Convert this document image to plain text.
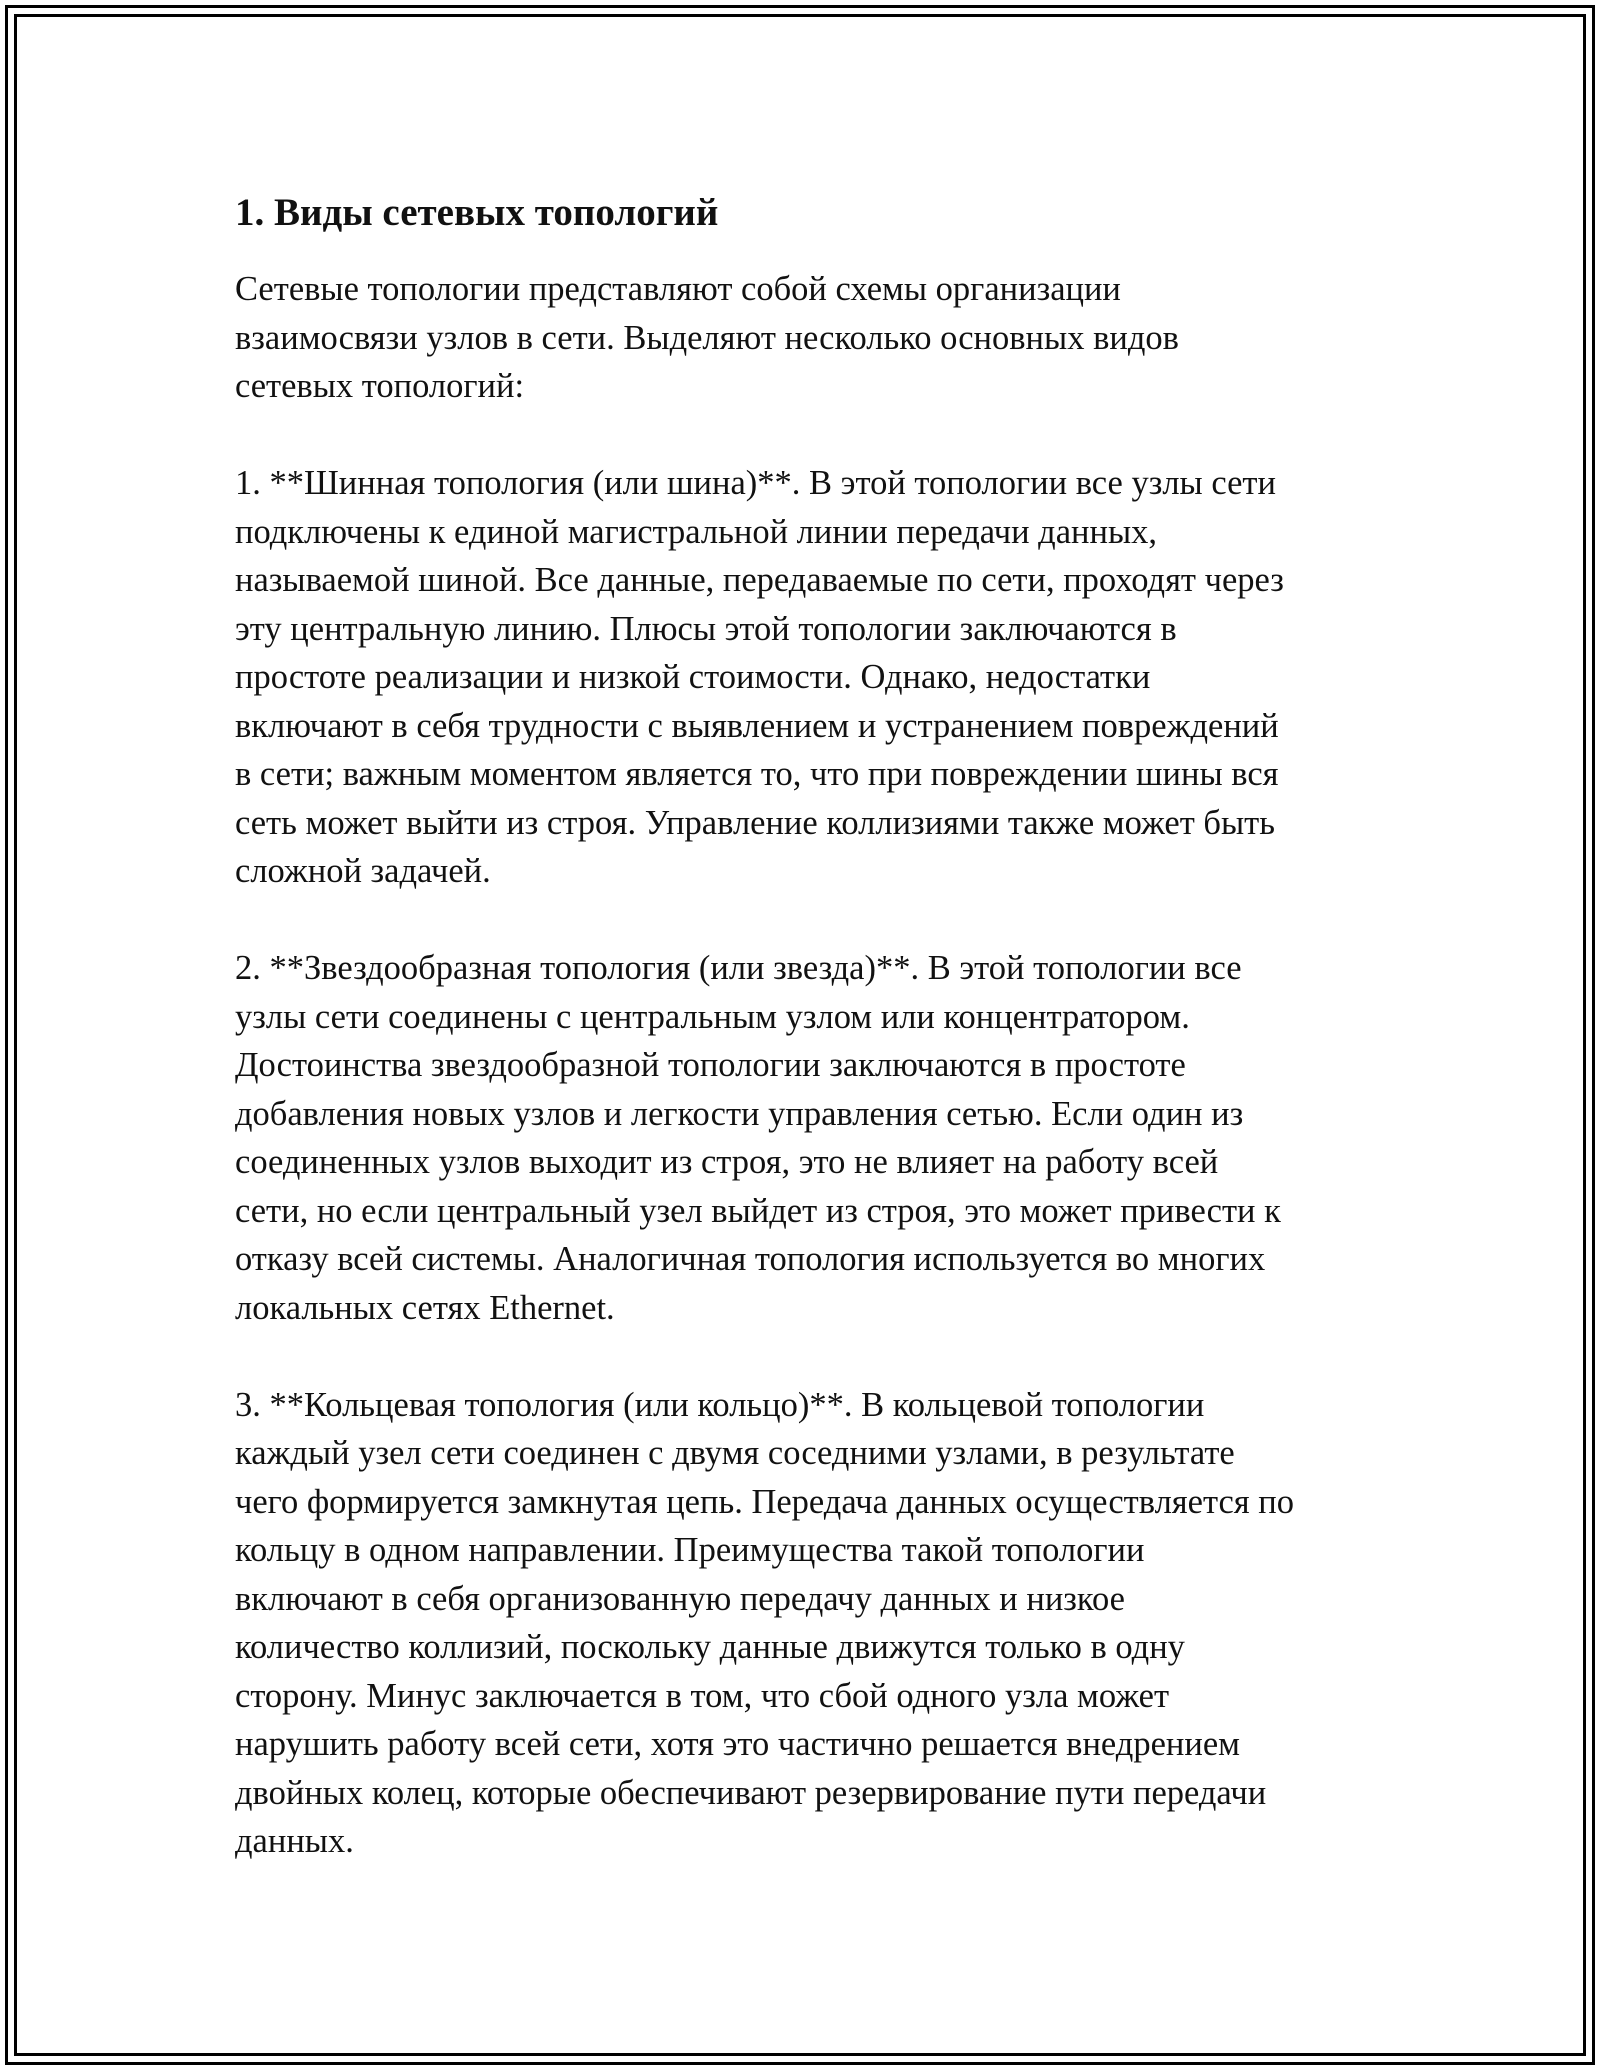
1. Виды сетевых топологий

Сетевые топологии представляют собой схемы организации
взаимосвязи узлов в сети. Выделяют несколько основных видов
сетевых топологий:

1. **Шинная топология (или шина)**. В этой топологии все узлы сети
подключены к единой магистральной линии передачи данных,
называемой шиной. Все данные, передаваемые по сети, проходят через
эту центральную линию. Плюсы этой топологии заключаются в
простоте реализации и низкой стоимости. Однако, недостатки
включают в себя трудности с выявлением и устранением повреждений
в сети; важным моментом является то, что при повреждении шины вся
сеть может выйти из строя. Управление коллизиями также может быть
сложной задачей.

2. **Звездообразная топология (или звезда)**. В этой топологии все
узлы сети соединены с центральным узлом или концентратором.
Достоинства звездообразной топологии заключаются в простоте
добавления новых узлов и легкости управления сетью. Если один из
соединенных узлов выходит из строя, это не влияет на работу всей
сети, но если центральный узел выйдет из строя, это может привести к
отказу всей системы. Аналогичная топология используется во многих
локальных сетях Ethernet.

3. **Кольцевая топология (или кольцо)**. В кольцевой топологии
каждый узел сети соединен с двумя соседними узлами, в результате
чего формируется замкнутая цепь. Передача данных осуществляется по
кольцу в одном направлении. Преимущества такой топологии
включают в себя организованную передачу данных и низкое
количество коллизий, поскольку данные движутся только в одну
сторону. Минус заключается в том, что сбой одного узла может
нарушить работу всей сети, хотя это частично решается внедрением
двойных колец, которые обеспечивают резервирование пути передачи
данных.
